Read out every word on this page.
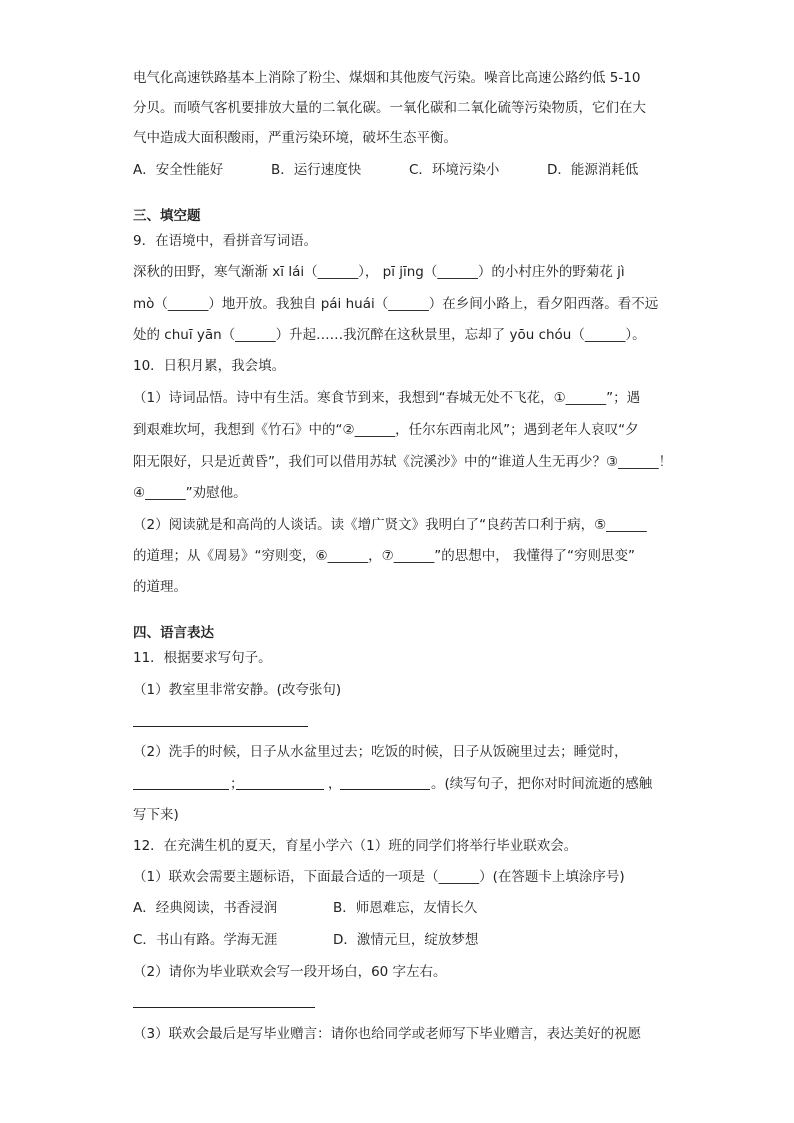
电气化高速铁路基本上消除了粉尘、煤烟和其他废气污染。噪音比高速公路约低 5-10
分贝。而喷气客机要排放大量的二氧化碳。一氧化碳和二氧化硫等污染物质，它们在大
气中造成大面积酸雨，严重污染环境，破坏生态平衡。
A．安全性能好	B．运行速度快	C．环境污染小	D．能源消耗低
三、填空题
9．在语境中，看拼音写词语。
深秋的田野，寒气渐渐 xī lái（______）， pī jīng（______）的小村庄外的野菊花 jì
mò（______）地开放。我独自 pái huái（______）在乡间小路上，看夕阳西落。看不远
处的 chuī yān（______）升起……我沉醉在这秋景里，忘却了 yōu chóu（______）。
10．日积月累，我会填。
（1）诗词品悟。诗中有生活。寒食节到来，我想到“春城无处不飞花，①______”；遇
到艰难坎坷，我想到《竹石》中的“②______，任尔东西南北风”；遇到老年人哀叹“夕
阳无限好，只是近黄昏”，我们可以借用苏轼《浣溪沙》中的“谁道人生无再少？③______！
④______”劝慰他。
（2）阅读就是和高尚的人谈话。读《增广贤文》我明白了“良药苦口利于病，⑤______
的道理；从《周易》“穷则变，⑥______，⑦______”的思想中， 我懂得了“穷则思变”
的道理。
四、语言表达
11．根据要求写句子。
（1）教室里非常安静。(改夸张句)
（2）洗手的时候，日子从水盆里过去；吃饭的时候，日子从饭碗里过去；睡觉时，
；	，	。(续写句子，把你对时间流逝的感触
写下来)
12．在充满生机的夏天，育星小学六（1）班的同学们将举行毕业联欢会。
（1）联欢会需要主题标语，下面最合适的一项是（______）(在答题卡上填涂序号)
A．经典阅读，书香浸润	B．师恩难忘，友情长久
C．书山有路。学海无涯	D．激情元旦，绽放梦想
（2）请你为毕业联欢会写一段开场白，60 字左右。
（3）联欢会最后是写毕业赠言：请你也给同学或老师写下毕业赠言，表达美好的祝愿
